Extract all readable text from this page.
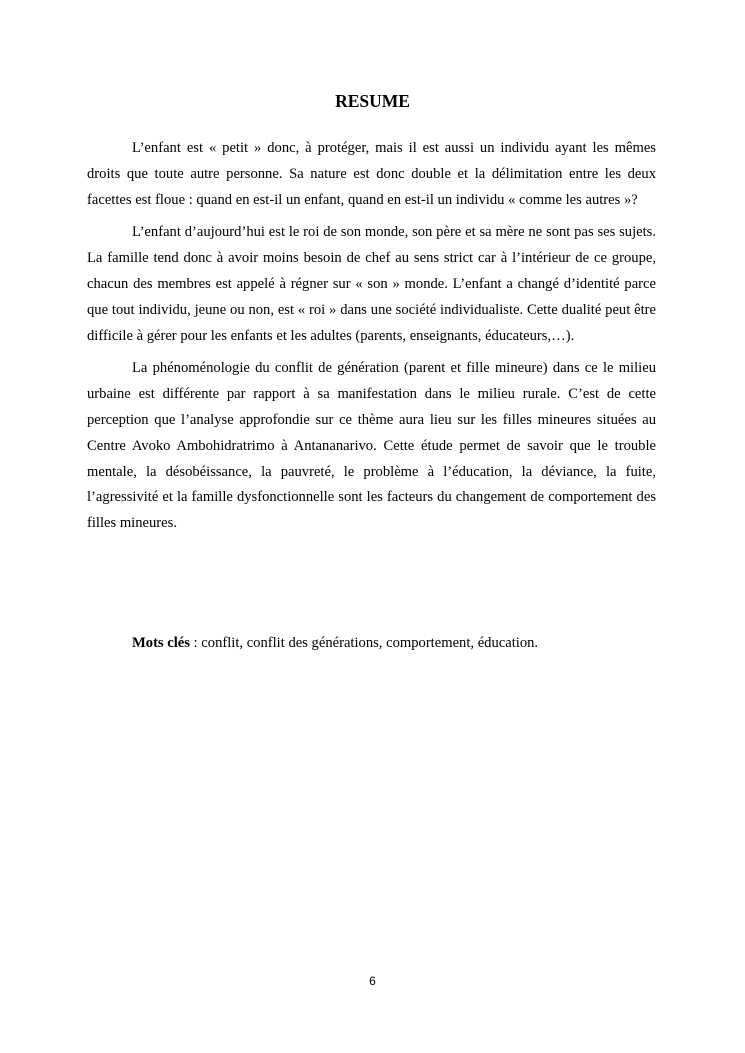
RESUME

L’enfant est « petit » donc, à protéger, mais il est aussi un individu ayant les mêmes droits que toute autre personne. Sa nature est donc double et la délimitation entre les deux facettes est floue : quand en est-il un enfant, quand en est-il un individu « comme les autres »?

L’enfant d’aujourd’hui est le roi de son monde, son père et sa mère ne sont pas ses sujets. La famille tend donc à avoir moins besoin de chef au sens strict car à l’intérieur de ce groupe, chacun des membres est appelé à régner sur « son » monde. L’enfant a changé d’identité parce que tout individu, jeune ou non, est « roi » dans une société individualiste. Cette dualité peut être difficile à gérer pour les enfants et les adultes (parents, enseignants, éducateurs,…).

La phénoménologie du conflit de génération (parent et fille mineure) dans ce le milieu urbaine est différente par rapport à sa manifestation dans le milieu rurale. C’est de cette perception que l’analyse approfondie sur ce thème aura lieu sur les filles mineures situées au Centre Avoko Ambohidratrimo à Antananarivo. Cette étude permet de savoir que le trouble mentale, la désobéissance, la pauvreté, le problème à l’éducation, la déviance, la fuite, l’agressivité et la famille dysfonctionnelle sont les facteurs du changement de comportement des filles mineures.

Mots clés : conflit, conflit des générations, comportement, éducation.

6
